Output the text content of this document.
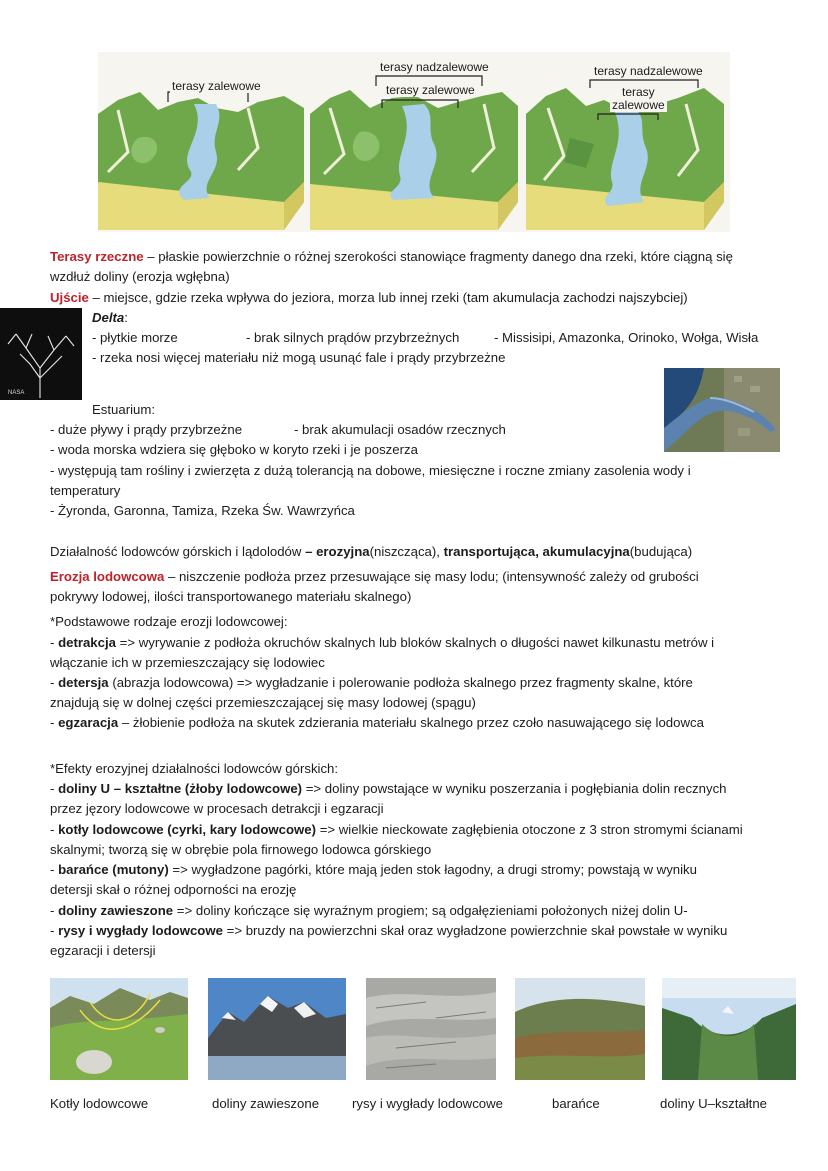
terasy zalewowe
terasy nadzalewowe
terasy zalewowe
terasy nadzalewowe
terasy
zalewowe
Terasy rzeczne – płaskie powierzchnie o różnej szerokości stanowiące fragmenty danego dna rzeki, które ciągną się
wzdłuż doliny (erozja wgłębna)
Ujście – miejsce, gdzie rzeka wpływa do jeziora, morza lub innej rzeki (tam akumulacja zachodzi najszybciej)
NASA
Delta:
- płytkie morze	- brak silnych prądów przybrzeżnych	- Missisipi, Amazonka, Orinoko, Wołga, Wisła
- rzeka nosi więcej materiału niż mogą usunąć fale i prądy przybrzeżne
Estuarium:
- duże pływy i prądy przybrzeżne	- brak akumulacji osadów rzecznych
- woda morska wdziera się głęboko w koryto rzeki i je poszerza
- występują tam rośliny i zwierzęta z dużą tolerancją na dobowe, miesięczne i roczne zmiany zasolenia wody i
temperatury
- Żyronda, Garonna, Tamiza, Rzeka Św. Wawrzyńca
Działalność lodowców górskich i lądolodów – erozyjna(niszcząca), transportująca, akumulacyjna(budująca)
Erozja lodowcowa – niszczenie podłoża przez przesuwające się masy lodu; (intensywność zależy od grubości
pokrywy lodowej, ilości transportowanego materiału skalnego)
*Podstawowe rodzaje erozji lodowcowej:
- detrakcja => wyrywanie z podłoża okruchów skalnych lub bloków skalnych o długości nawet kilkunastu metrów i
włączanie ich w przemieszczający się lodowiec
- detersja (abrazja lodowcowa) => wygładzanie i polerowanie podłoża skalnego przez fragmenty skalne, które
znajdują się w dolnej części przemieszczającej się masy lodowej (spągu)
- egzaracja – żłobienie podłoża na skutek zdzierania materiału skalnego przez czoło nasuwającego się lodowca
*Efekty erozyjnej działalności lodowców górskich:
- doliny U – kształtne (żłoby lodowcowe) => doliny powstające w wyniku poszerzania i pogłębiania dolin recznych
przez jęzory lodowcowe w procesach detrakcji i egzaracji
- kotły lodowcowe (cyrki, kary lodowcowe) => wielkie nieckowate zagłębienia otoczone z 3 stron stromymi ścianami
skalnymi; tworzą się w obrębie pola firnowego lodowca górskiego
- barańce (mutony) => wygładzone pagórki, które mają jeden stok łagodny, a drugi stromy; powstają w wyniku
detersji skał o różnej odporności na erozję
- doliny zawieszone => doliny kończące się wyraźnym progiem; są odgałęzieniami położonych niżej dolin U-
- rysy i wygłady lodowcowe => bruzdy na powierzchni skał oraz wygładzone powierzchnie skał powstałe w wyniku
egzaracji i detersji
Kotły lodowcowe	doliny zawieszone rysy i wygłady lodowcowe	barańce	doliny U–kształtne
